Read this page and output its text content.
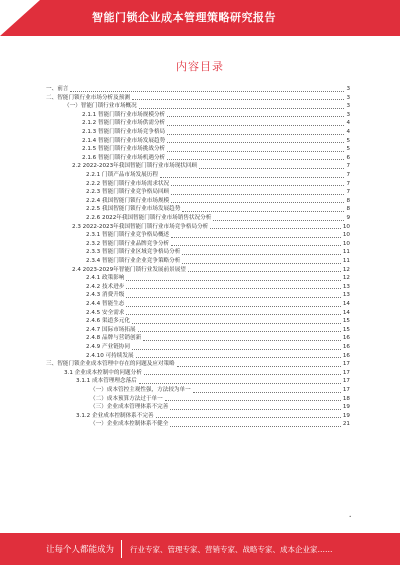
智能门锁企业成本管理策略研究报告
内容目录
一、前言	3
二、智能门锁行业市场分析及预测	3
（一）智能门锁行业市场概况	3
2.1.1 智能门锁行业市场规模分析	3
2.1.2 智能门锁行业市场供需分析	4
2.1.3 智能门锁行业市场竞争格局	4
2.1.4 智能门锁行业市场发展趋势	5
2.1.5 智能门锁行业市场挑战分析	5
2.1.6 智能门锁行业市场机遇分析	6
2.2 2022-2023年我国智能门锁行业市场现状回顾	7
2.2.1 门锁产品市场发展历程	7
2.2.2 智能门锁行业市场需求状况	7
2.2.3 智能门锁行业竞争格局回顾	7
2.2.4 我国智能门锁行业市场规模	8
2.2.5 我国智能门锁行业市场发展趋势	8
2.2.6 2022年我国智能门锁行业市场销售状况分析	9
2.3 2022-2023年我国智能门锁行业市场竞争格局分析	10
2.3.1 智能门锁行业竞争格局概述	10
2.3.2 智能门锁行业品牌竞争分析	10
2.3.3 智能门锁行业区域竞争格局分析	11
2.3.4 智能门锁行业企业竞争策略分析	11
2.4 2023-2029年智能门锁行业发展前景展望	12
2.4.1 政策影响	12
2.4.2 技术进步	13
2.4.3 消费升级	13
2.4.4 智能生态	14
2.4.5 安全需求	14
2.4.6 渠道多元化	15
2.4.7 国际市场拓展	15
2.4.8 品牌与营销创新	16
2.4.9 产业链协同	16
2.4.10 可持续发展	16
三、智能门锁企业成本管理中存在的问题及应对策略	17
3.1 企业成本控制中的问题分析	17
3.1.1 成本管理理念落后	17
（一）成本管控主观性强，方法较为单一	17
（二）成本预算方法过于单一	18
（三）企业成本管理体系不完善	19
3.1.2 企业成本控制体系不完善	19
（一）企业成本控制体系不健全	21
•
让每个人都能成为 行业专家、管理专家、营销专家、战略专家、成本企业家……
